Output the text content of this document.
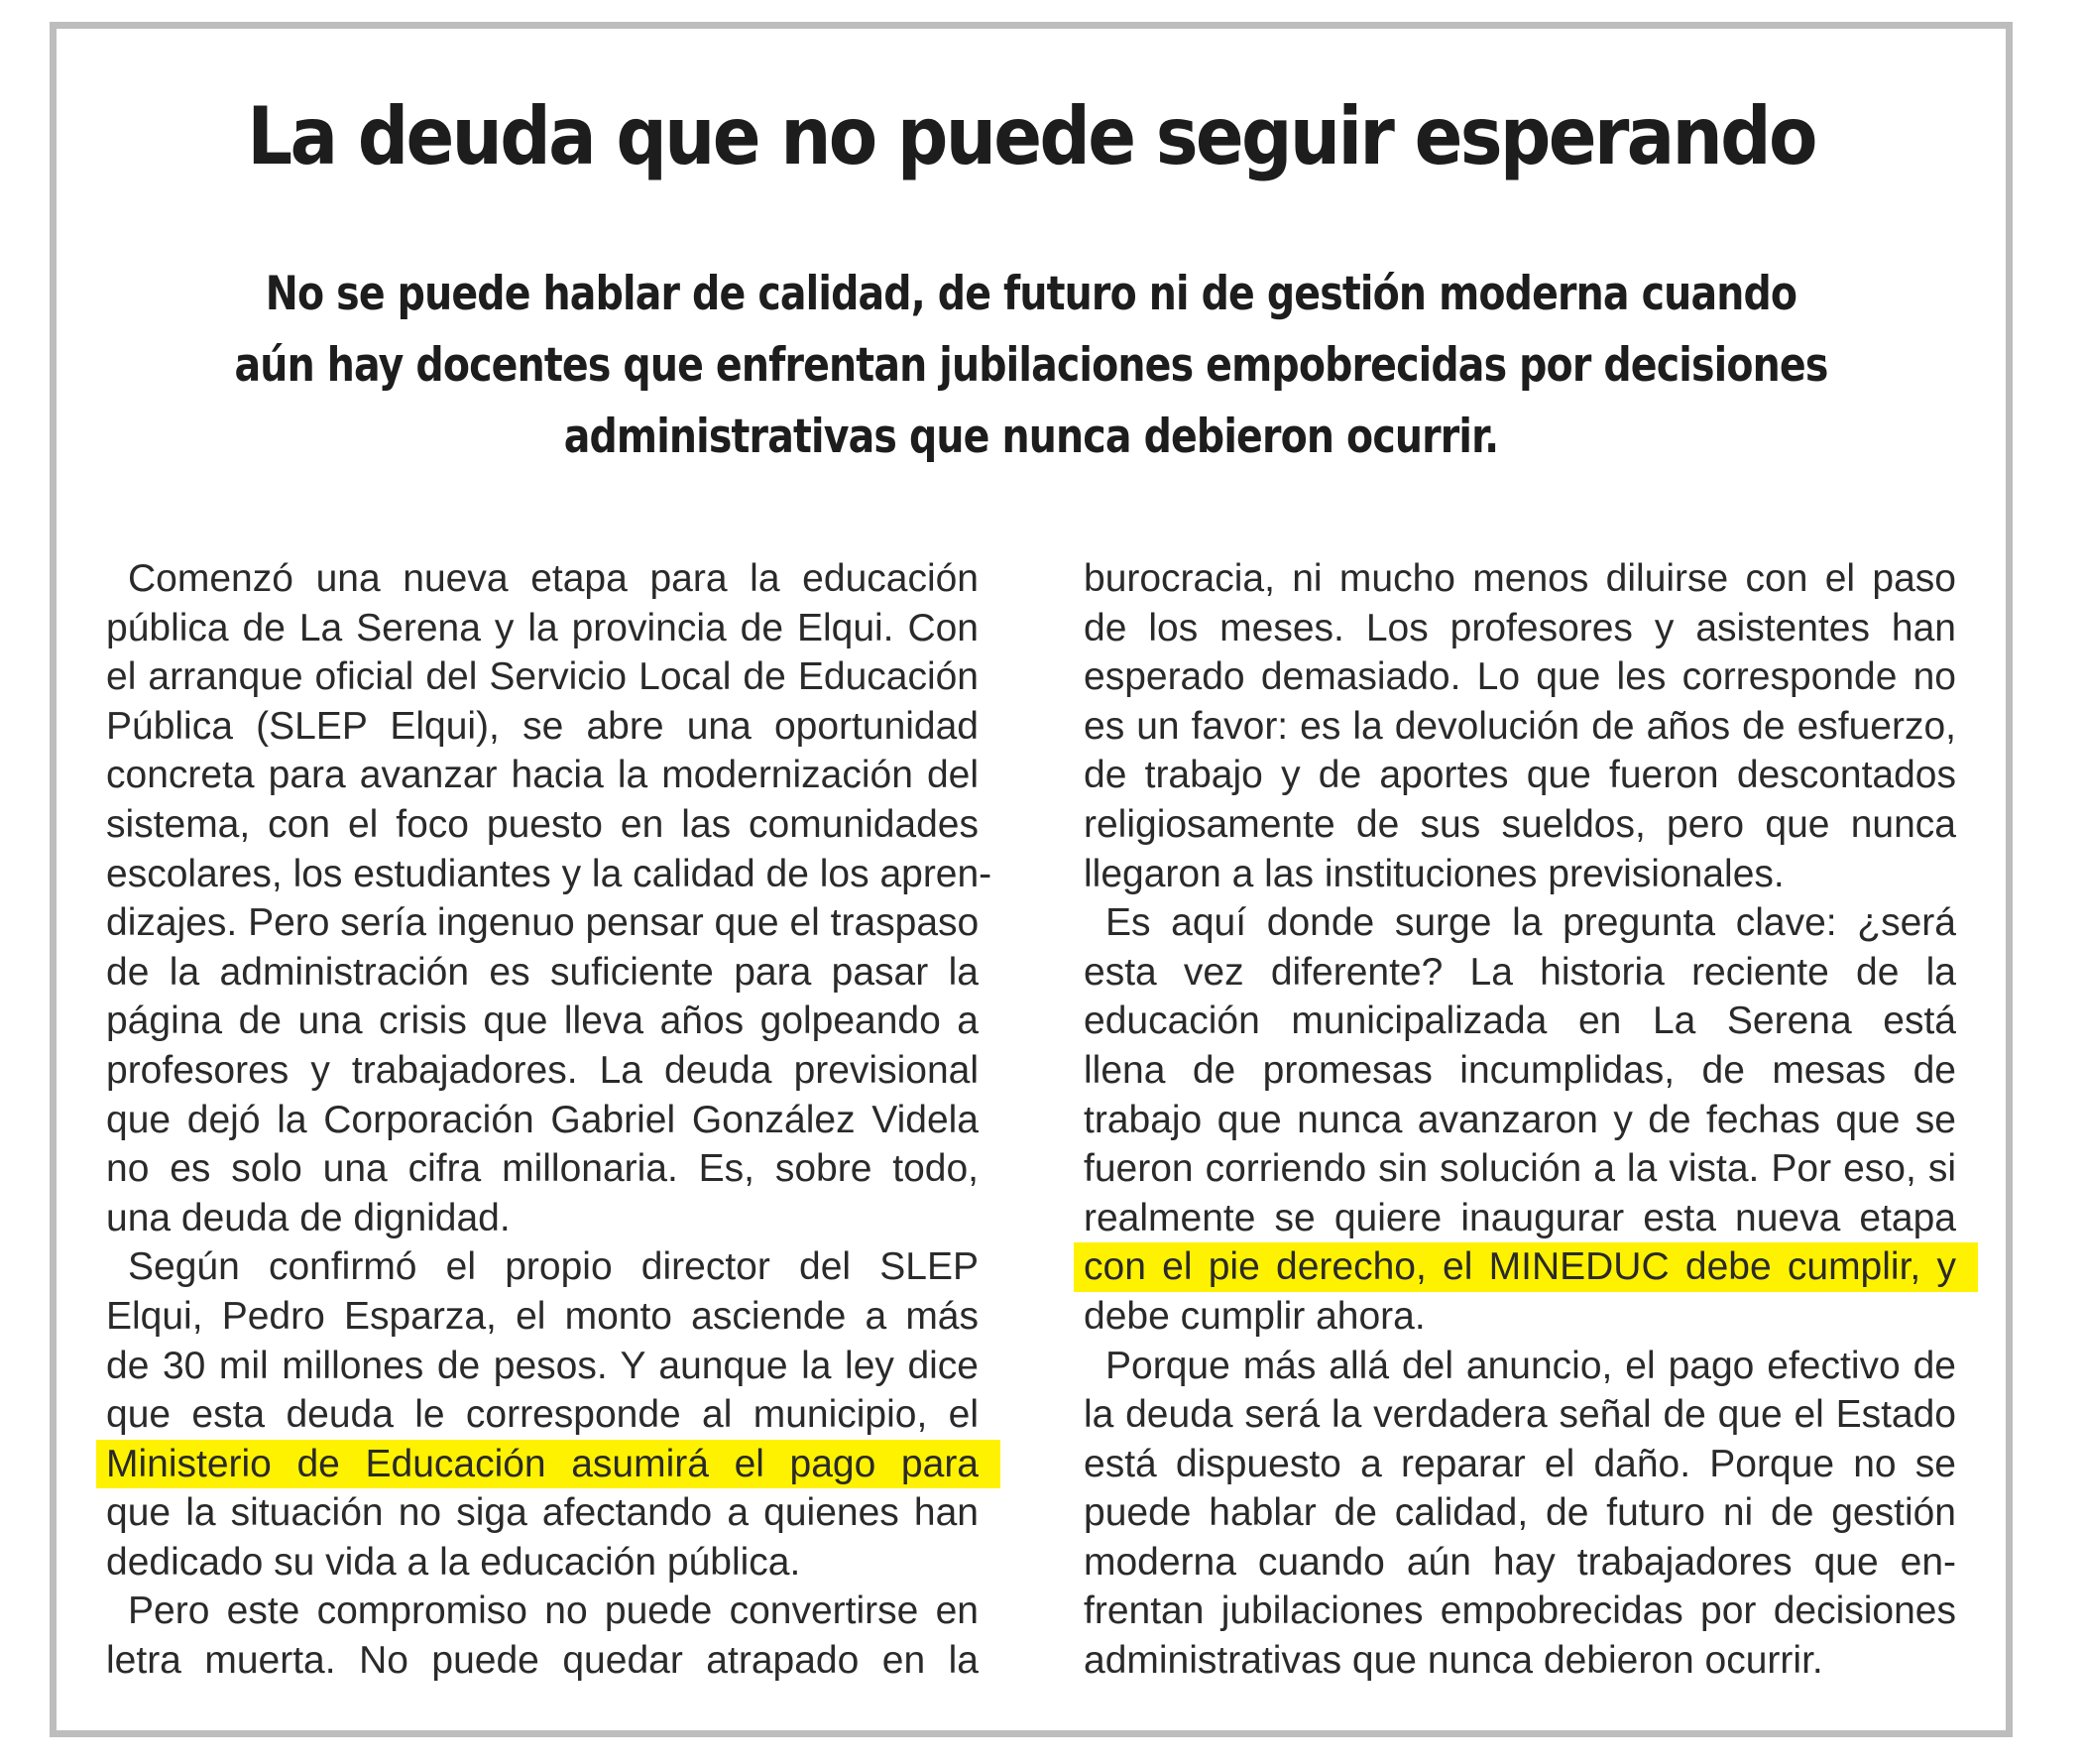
La deuda que no puede seguir esperando
No se puede hablar de calidad, de futuro ni de gestión moderna cuando
aún hay docentes que enfrentan jubilaciones empobrecidas por decisiones
administrativas que nunca debieron ocurrir.
Comenzó una nueva etapa para la educación
pública de La Serena y la provincia de Elqui. Con
el arranque oficial del Servicio Local de Educación
Pública (SLEP Elqui), se abre una oportunidad
concreta para avanzar hacia la modernización del
sistema, con el foco puesto en las comunidades
escolares, los estudiantes y la calidad de los apren-
dizajes. Pero sería ingenuo pensar que el traspaso
de la administración es suficiente para pasar la
página de una crisis que lleva años golpeando a
profesores y trabajadores. La deuda previsional
que dejó la Corporación Gabriel González Videla
no es solo una cifra millonaria. Es, sobre todo,
una deuda de dignidad.
Según confirmó el propio director del SLEP
Elqui, Pedro Esparza, el monto asciende a más
de 30 mil millones de pesos. Y aunque la ley dice
que esta deuda le corresponde al municipio, el
Ministerio de Educación asumirá el pago para
que la situación no siga afectando a quienes han
dedicado su vida a la educación pública.
Pero este compromiso no puede convertirse en
letra muerta. No puede quedar atrapado en la
burocracia, ni mucho menos diluirse con el paso
de los meses. Los profesores y asistentes han
esperado demasiado. Lo que les corresponde no
es un favor: es la devolución de años de esfuerzo,
de trabajo y de aportes que fueron descontados
religiosamente de sus sueldos, pero que nunca
llegaron a las instituciones previsionales.
Es aquí donde surge la pregunta clave: ¿será
esta vez diferente? La historia reciente de la
educación municipalizada en La Serena está
llena de promesas incumplidas, de mesas de
trabajo que nunca avanzaron y de fechas que se
fueron corriendo sin solución a la vista. Por eso, si
realmente se quiere inaugurar esta nueva etapa
con el pie derecho, el MINEDUC debe cumplir, y
debe cumplir ahora.
Porque más allá del anuncio, el pago efectivo de
la deuda será la verdadera señal de que el Estado
está dispuesto a reparar el daño. Porque no se
puede hablar de calidad, de futuro ni de gestión
moderna cuando aún hay trabajadores que en-
frentan jubilaciones empobrecidas por decisiones
administrativas que nunca debieron ocurrir.
